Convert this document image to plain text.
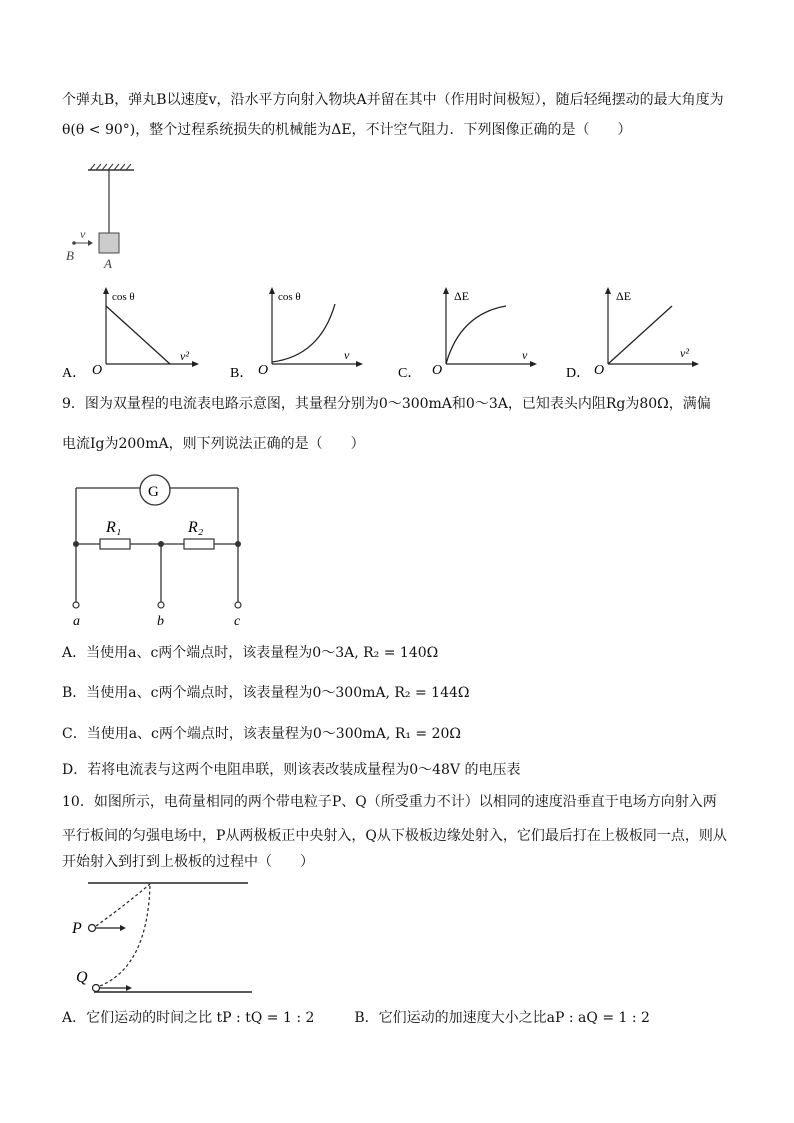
个弹丸B，弹丸B以速度v，沿水平方向射入物块A并留在其中（作用时间极短），随后轻绳摆动的最大角度为
θ(θ < 90°)，整个过程系统损失的机械能为ΔE，不计空气阻力．下列图像正确的是（　　）
v
B
A
A． O
cos θ
v²
B． O
cos θ
v
C． O
ΔE
v
D． O
ΔE
v²
9．图为双量程的电流表电路示意图，其量程分别为0～300mA和0～3A，已知表头内阻Rg为80Ω，满偏
电流Ig为200mA，则下列说法正确的是（　　）
G
R₁	R₂
a	b	c
A．当使用a、c两个端点时，该表量程为0～3A, R₂ = 140Ω
B．当使用a、c两个端点时，该表量程为0～300mA, R₂ = 144Ω
C．当使用a、c两个端点时，该表量程为0～300mA, R₁ = 20Ω
D．若将电流表与这两个电阻串联，则该表改装成量程为0～48V 的电压表
10．如图所示，电荷量相同的两个带电粒子P、Q（所受重力不计）以相同的速度沿垂直于电场方向射入两
平行板间的匀强电场中，P从两极板正中央射入，Q从下极板边缘处射入，它们最后打在上极板同一点，则从
开始射入到打到上极板的过程中（　　）
P
Q
A．它们运动的时间之比 tP : tQ = 1 : 2	B．它们运动的加速度大小之比aP : aQ = 1 : 2
